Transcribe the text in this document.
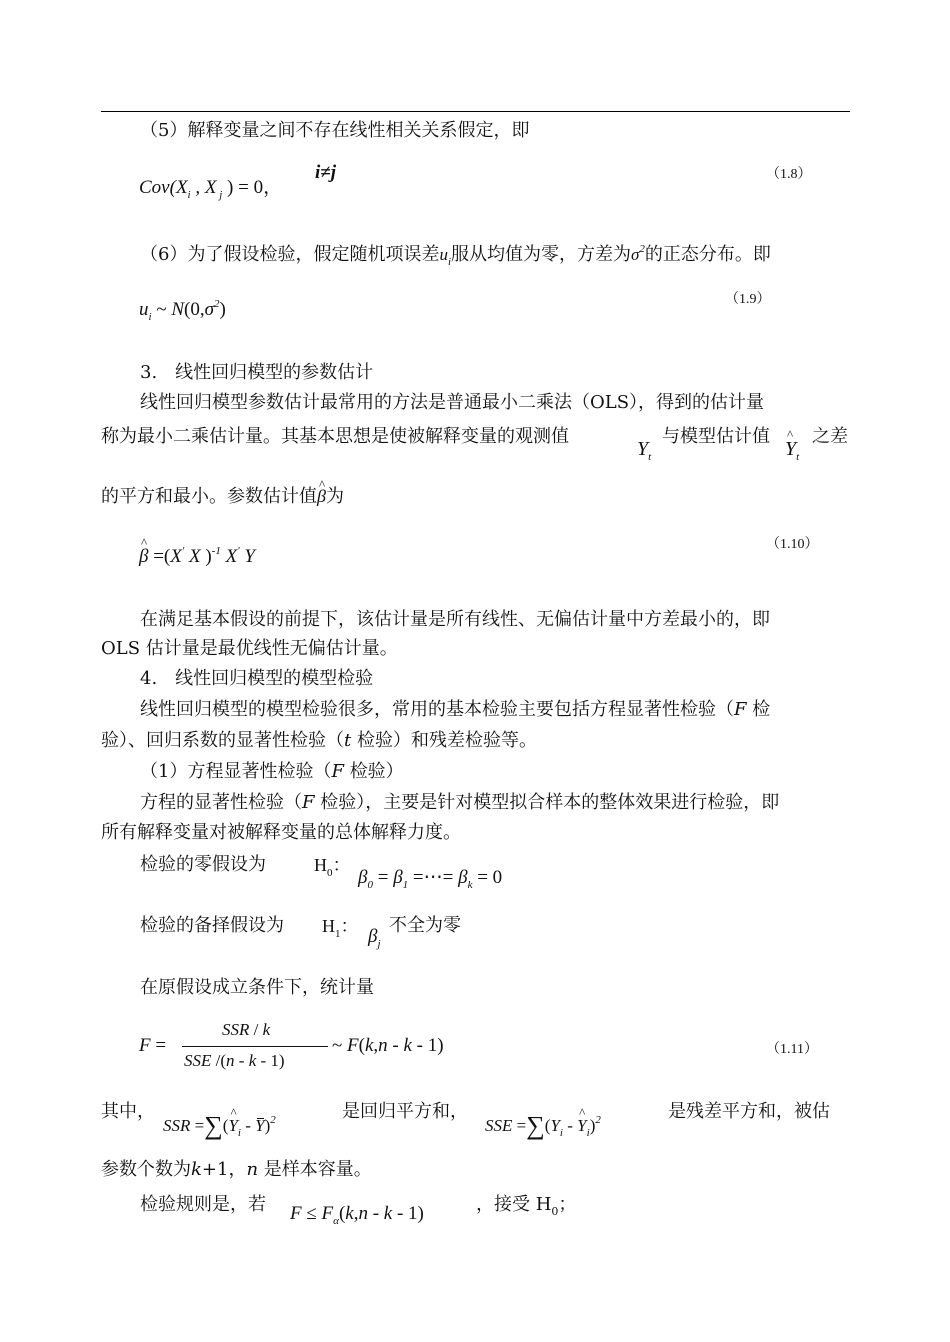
（5）解释变量之间不存在线性相关关系假定，即
$Cov(X_i$ , X $_j$ ) = 0，
i≠j	（1.8）
（6）为了假设检验，假定随机项误差$u_i$服从均值为零，方差为$\sigma^2$的正态分布。即
$u_i$ ~ $N(0,\sigma^2)$	（1.9）
3.　线性回归模型的参数估计
线性回归模型参数估计最常用的方法是普通最小二乘法（OLS），得到的估计量
称为最小二乘估计量。其基本思想是使被解释变量的观测值
$Y_t$
与模型估计值
^ $Y_t$
之差
的平方和最小。参数估计值^ β为
^ β =(X' X )$^{-1}$ X' Y
（1.10）
在满足基本假设的前提下，该估计量是所有线性、无偏估计量中方差最小的，即
OLS 估计量是最优线性无偏估计量。
4.　线性回归模型的模型检验
线性回归模型的模型检验很多，常用的基本检验主要包括方程显著性检验（F 检
验）、回归系数的显著性检验（t 检验）和残差检验等。
（1）方程显著性检验（F 检验）
方程的显著性检验（F 检验），主要是针对模型拟合样本的整体效果进行检验，即
所有解释变量对被解释变量的总体解释力度。
检验的零假设为	$H_0$：
$\beta_0 = \beta_1$ =⋯= $\beta_k = 0$
检验的备择假设为 $H_1$： $\beta_j$
不全为零
在原假设成立条件下，统计量
F =
SSR / k
SSE /(n - k - 1)
~ F(k,n - k - 1)	（1.11）
其中，
SSR =∑(^ $Y_i - Y)^2$	是回归平方和，
SSE $=\sum(Y_i$ - ^ $Y_i)^2$	是残差平方和，被估
参数个数为k+1，n 是样本容量。
检验规则是，若 $F \le F_\alpha(k,n - k - 1)$	，接受 $H_0$；
